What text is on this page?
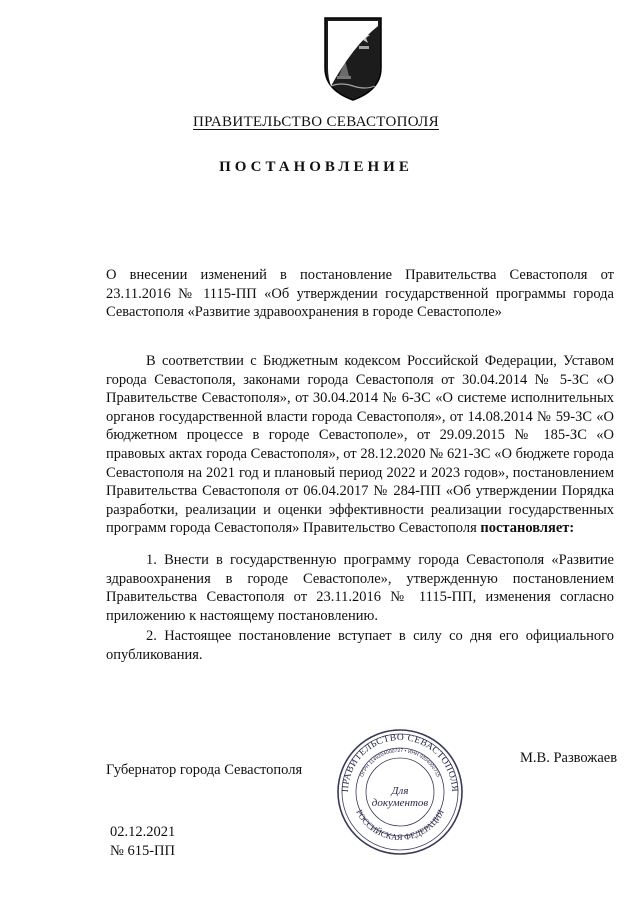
ПРАВИТЕЛЬСТВО СЕВАСТОПОЛЯ
ПОСТАНОВЛЕНИЕ
О внесении изменений в постановление Правительства Севастополя от 23.11.2016 № 1115-ПП «Об утверждении государственной программы города Севастополя «Развитие здравоохранения в городе Севастополе»

В соответствии с Бюджетным кодексом Российской Федерации, Уставом города Севастополя, законами города Севастополя от 30.04.2014 № 5-ЗС «О Правительстве Севастополя», от 30.04.2014 № 6-ЗС «О системе исполнительных органов государственной власти города Севастополя», от 14.08.2014 № 59-ЗС «О бюджетном процессе в городе Севастополе», от 29.09.2015 № 185-ЗС «О правовых актах города Севастополя», от 28.12.2020 № 621-ЗС «О бюджете города Севастополя на 2021 год и плановый период 2022 и 2023 годов», постановлением Правительства Севастополя от 06.04.2017 № 284-ПП «Об утверждении Порядка разработки, реализации и оценки эффективности реализации государственных программ города Севастополя» Правительство Севастополя постановляет:

1. Внести в государственную программу города Севастополя «Развитие здравоохранения в городе Севастополе», утвержденную постановлением Правительства Севастополя от 23.11.2016 № 1115-ПП, изменения согласно приложению к настоящему постановлению.

2. Настоящее постановление вступает в силу со дня его официального опубликования.

Губернатор города Севастополя
М.В. Развожаев
ПРАВИТЕЛЬСТВО СЕВАСТОПОЛЯ
РОССИЙСКАЯ ФЕДЕРАЦИЯ
ОГРН 1149204000727 • ИНН 9204002715
Для
документов
02.12.2021
№ 615-ПП
